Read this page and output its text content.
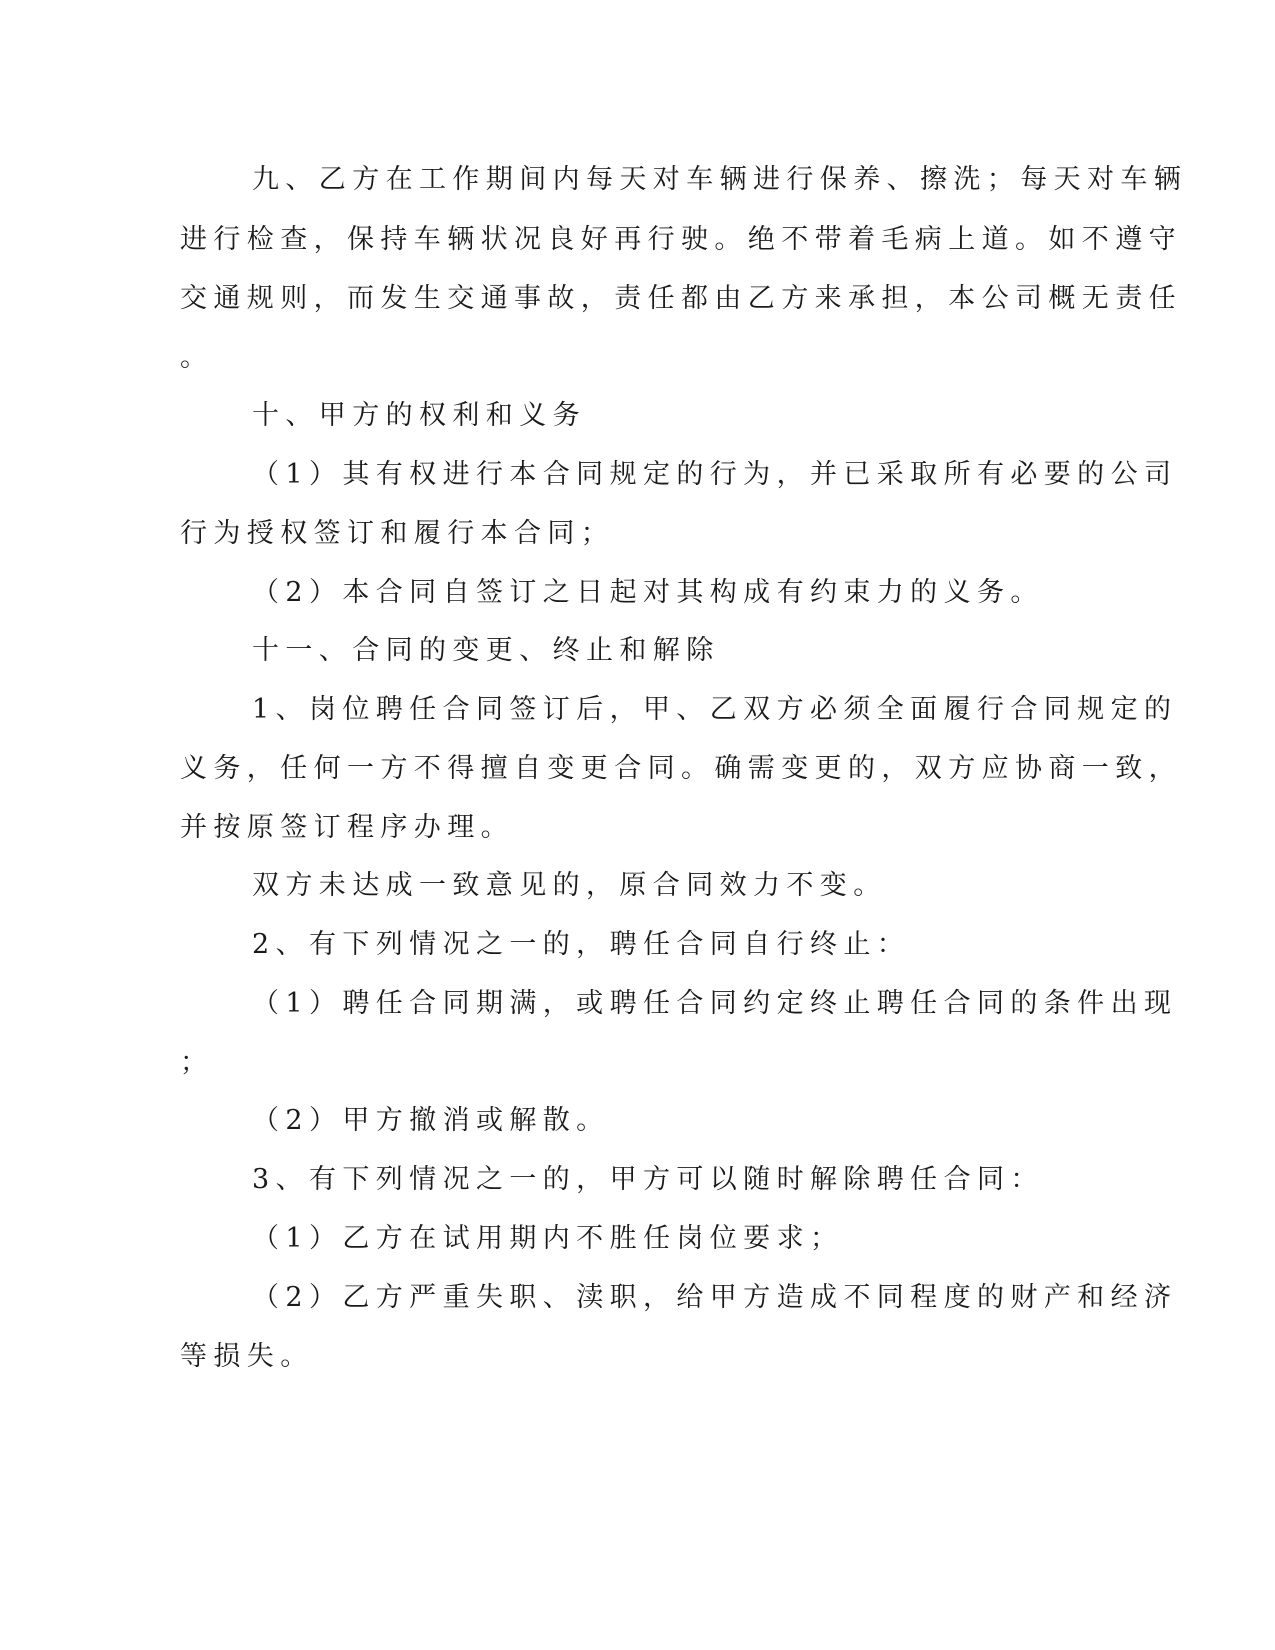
九、乙方在工作期间内每天对车辆进行保养、擦洗；每天对车辆

进行检查，保持车辆状况良好再行驶。绝不带着毛病上道。如不遵守

交通规则，而发生交通事故，责任都由乙方来承担，本公司概无责任

。

十、甲方的权利和义务

（1）其有权进行本合同规定的行为，并已采取所有必要的公司

行为授权签订和履行本合同；

（2）本合同自签订之日起对其构成有约束力的义务。

十一、合同的变更、终止和解除

1、岗位聘任合同签订后，甲、乙双方必须全面履行合同规定的

义务，任何一方不得擅自变更合同。确需变更的，双方应协商一致，

并按原签订程序办理。

双方未达成一致意见的，原合同效力不变。

2、有下列情况之一的，聘任合同自行终止：

（1）聘任合同期满，或聘任合同约定终止聘任合同的条件出现

；

（2）甲方撤消或解散。

3、有下列情况之一的，甲方可以随时解除聘任合同：

（1）乙方在试用期内不胜任岗位要求；

（2）乙方严重失职、渎职，给甲方造成不同程度的财产和经济

等损失。
